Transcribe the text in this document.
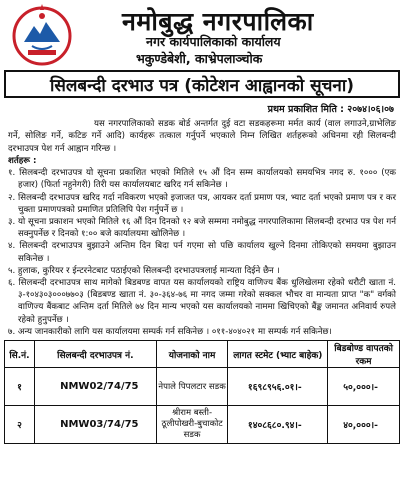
नमोबुद्ध नगरपालिका
नगर कार्यपालिकाको कार्यालय
भकुण्डेबेशी, काभ्रेपलाञ्चोक
सिलबन्दी दरभाउ पत्र (कोटेशन आह्वानको सूचना)
प्रथम प्रकाशित मिति : २०७४।०६।०७

यस नगरपालिकाको सडक बोर्ड अन्तर्गत दुई वटा सडकहरूमा मर्मत कार्य (वाल लगाउने,ग्राभेलिङ गर्ने, सोलिङ गर्ने, कटिङ गर्ने आदि) कार्यहरू तत्काल गर्नुपर्ने भएकाले निम्न लिखित शर्तहरूको अधिनमा रही सिलबन्दी दरभाउपत्र पेश गर्न आह्वान गरिन्छ ।

शर्तहरू :

१. सिलबन्दी दरभाउपत्र यो सूचना प्रकाशित भएको मितिले १५ औं दिन सम्म कार्यालयको समयभित्र नगद रु. १००० (एक हजार) (फिर्ता नहुनेगरी) तिरी यस कार्यालयबाट खरिद गर्न सकिनेछ ।

२. सिलबन्दी दरभाउपत्र खरिद गर्दा नविकरण भएको इजाजत पत्र, आयकर दर्ता प्रमाण पत्र, भ्याट दर्ता भएको प्रमाण पत्र र कर चुक्ता प्रमाणपत्रको प्रमाणित प्रतिलिपि पेश गर्नुपर्ने छ ।

३. यो सूचना प्रकाशन भएको मितिले १६ औं दिन दिनको १२ बजे सम्ममा नमोबुद्ध नगरपालिकामा सिलबन्दी दरभाउ पत्र पेश गर्न सक्नुपर्नेछ र दिनको १:०० बजे कार्यालयमा खोलिनेछ ।

४. सिलबन्दी दरभाउपत्र बुझाउने अन्तिम दिन बिदा पर्न गएमा सो पछि कार्यालय खुल्ने दिनमा तोकिएको समयमा बुझाउन सकिनेछ ।

५. हुलाक, कुरियर र ईन्टरनेटबाट पठाईएको सिलबन्दी दरभाउपत्रलाई मान्यता दिईने छैन ।

६. सिलबन्दी दरभाउपत्र साथ मागेको बिडबण्ड वापत यस कार्यालयको राष्ट्रिय वाणिज्य बैंक धुलिखेलमा रहेको धरौटी खाता नं. ३-१०४३०३०००७७०३ (बिडबण्ड खाता नं. ३०-३६४-७६ मा नगद जम्मा गरेको सक्कल भौचर वा मान्यता प्राप्त "क" वर्गको वाणिज्य बैंकबाट अन्तिम दर्ता मितिले ७४ दिन मान्य भएको यस कार्यालयको नाममा खिचिएको बैंङ्क जमानत अनिवार्य रुपले रहेको हुनुपर्नेछ ।

७. अन्य जानकारीको लागि यस कार्यालयमा सम्पर्क गर्न सकिनेछ । ०११-४०४०२१ मा सम्पर्क गर्न सकिनेछ।

सि.नं.	सिलबन्दी दरभाउपत्र नं.	योजनाको नाम	लागत स्टमेट (भ्याट बाहेक)	बिडबोण्ड वापतको रकम
१	NMW02/74/75	नेपाले पिपलटार सडक	१६९८९५६.०१।-	५०,०००।-
२	NMW03/74/75	श्रीराम बस्ती-ठूलीपोखरी-बुचाकोट सडक	१४०८६८०.९४।-	४०,०००।-
